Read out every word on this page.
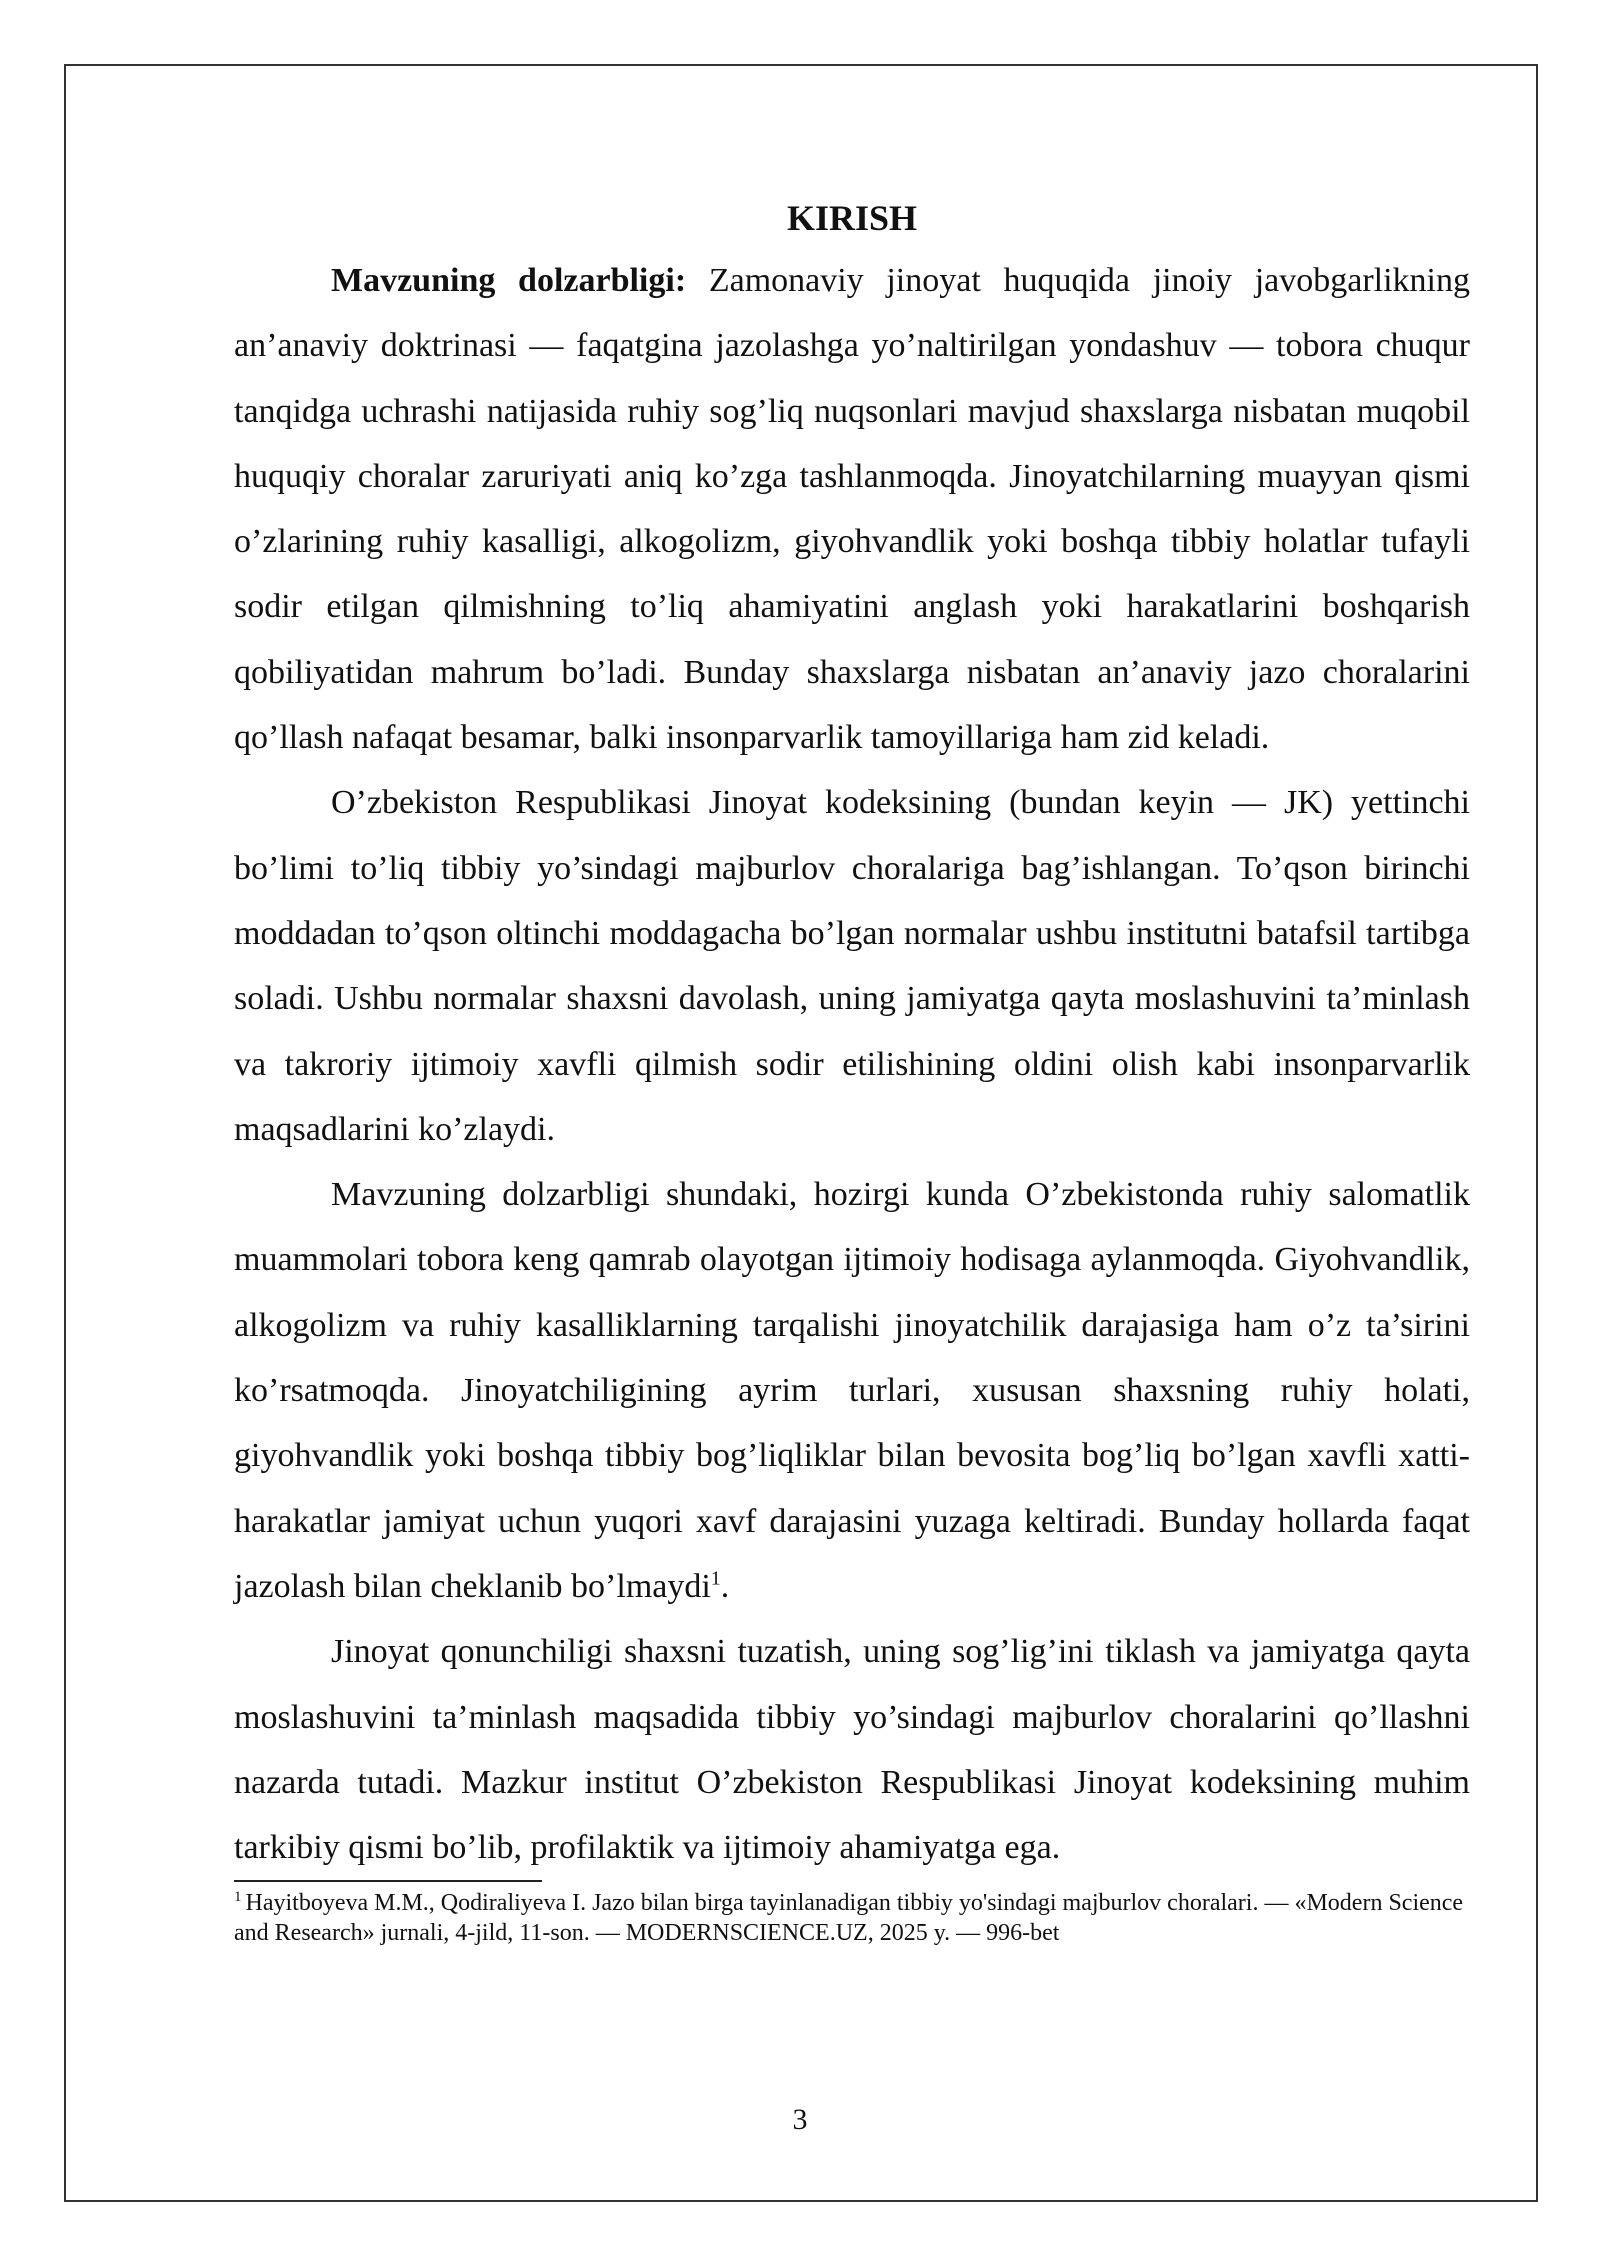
KIRISH

Mavzuning dolzarbligi: Zamonaviy jinoyat huquqida jinoiy javobgarlikning an’anaviy doktrinasi — faqatgina jazolashga yo’naltirilgan yondashuv — tobora chuqur tanqidga uchrashi natijasida ruhiy sog’liq nuqsonlari mavjud shaxslarga nisbatan muqobil huquqiy choralar zaruriyati aniq ko’zga tashlanmoqda. Jinoyatchilarning muayyan qismi o’zlarining ruhiy kasalligi, alkogolizm, giyohvandlik yoki boshqa tibbiy holatlar tufayli sodir etilgan qilmishning to’liq ahamiyatini anglash yoki harakatlarini boshqarish qobiliyatidan mahrum bo’ladi. Bunday shaxslarga nisbatan an’anaviy jazo choralarini qo’llash nafaqat besamar, balki insonparvarlik tamoyillariga ham zid keladi.

O’zbekiston Respublikasi Jinoyat kodeksining (bundan keyin — JK) yettinchi bo’limi to’liq tibbiy yo’sindagi majburlov choralariga bag’ishlangan. To’qson birinchi moddadan to’qson oltinchi moddagacha bo’lgan normalar ushbu institutni batafsil tartibga soladi. Ushbu normalar shaxsni davolash, uning jamiyatga qayta moslashuvini ta’minlash va takroriy ijtimoiy xavfli qilmish sodir etilishining oldini olish kabi insonparvarlik maqsadlarini ko’zlaydi.

Mavzuning dolzarbligi shundaki, hozirgi kunda O’zbekistonda ruhiy salomatlik muammolari tobora keng qamrab olayotgan ijtimoiy hodisaga aylanmoqda. Giyohvandlik, alkogolizm va ruhiy kasalliklarning tarqalishi jinoyatchilik darajasiga ham o’z ta’sirini ko’rsatmoqda. Jinoyatchiligining ayrim turlari, xususan shaxsning ruhiy holati, giyohvandlik yoki boshqa tibbiy bog’liqliklar bilan bevosita bog’liq bo’lgan xavfli xatti-harakatlar jamiyat uchun yuqori xavf darajasini yuzaga keltiradi. Bunday hollarda faqat jazolash bilan cheklanib bo’lmaydi$^1$.

Jinoyat qonunchiligi shaxsni tuzatish, uning sog’lig’ini tiklash va jamiyatga qayta moslashuvini ta’minlash maqsadida tibbiy yo’sindagi majburlov choralarini qo’llashni nazarda tutadi. Mazkur institut O’zbekiston Respublikasi Jinoyat kodeksining muhim tarkibiy qismi bo’lib, profilaktik va ijtimoiy ahamiyatga ega.

$^1$ Hayitboyeva M.M., Qodiraliyeva I. Jazo bilan birga tayinlanadigan tibbiy yo'sindagi majburlov choralari. — «Modern Science and Research» jurnali, 4-jild, 11-son. — MODERNSCIENCE.UZ, 2025 y. — 996-bet

3
